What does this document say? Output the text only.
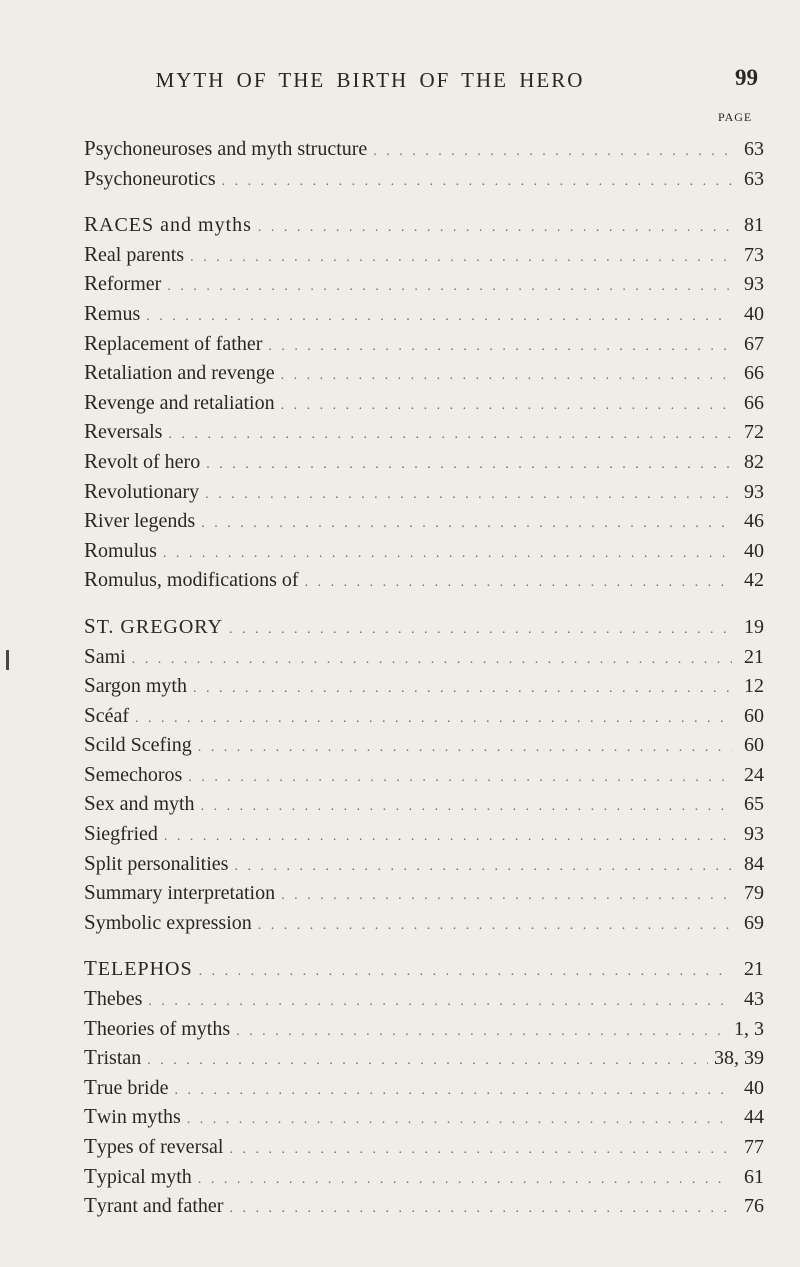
MYTH OF THE BIRTH OF THE HERO	99
PAGE
Psychoneuroses and myth structure . . .	63
Psychoneurotics . . .	63
RACES and myths . . .	81
Real parents . . .	73
Reformer . . .	93
Remus . . .	40
Replacement of father . . .	67
Retaliation and revenge . . .	66
Revenge and retaliation . . .	66
Reversals . . .	72
Revolt of hero . . .	82
Revolutionary . . .	93
River legends . . .	46
Romulus . . .	40
Romulus, modifications of . . .	42
ST. GREGORY . . .	19
Sami . . .	21
Sargon myth . . .	12
Scéaf . . .	60
Scild Scefing . . .	60
Semechoros . . .	24
Sex and myth . . .	65
Siegfried . . .	93
Split personalities . . .	84
Summary interpretation . . .	79
Symbolic expression . . .	69
TELEPHOS . . .	21
Thebes . . .	43
Theories of myths . . .	1, 3
Tristan . . .	38, 39
True bride . . .	40
Twin myths . . .	44
Types of reversal . . .	77
Typical myth . . .	61
Tyrant and father . . .	76
